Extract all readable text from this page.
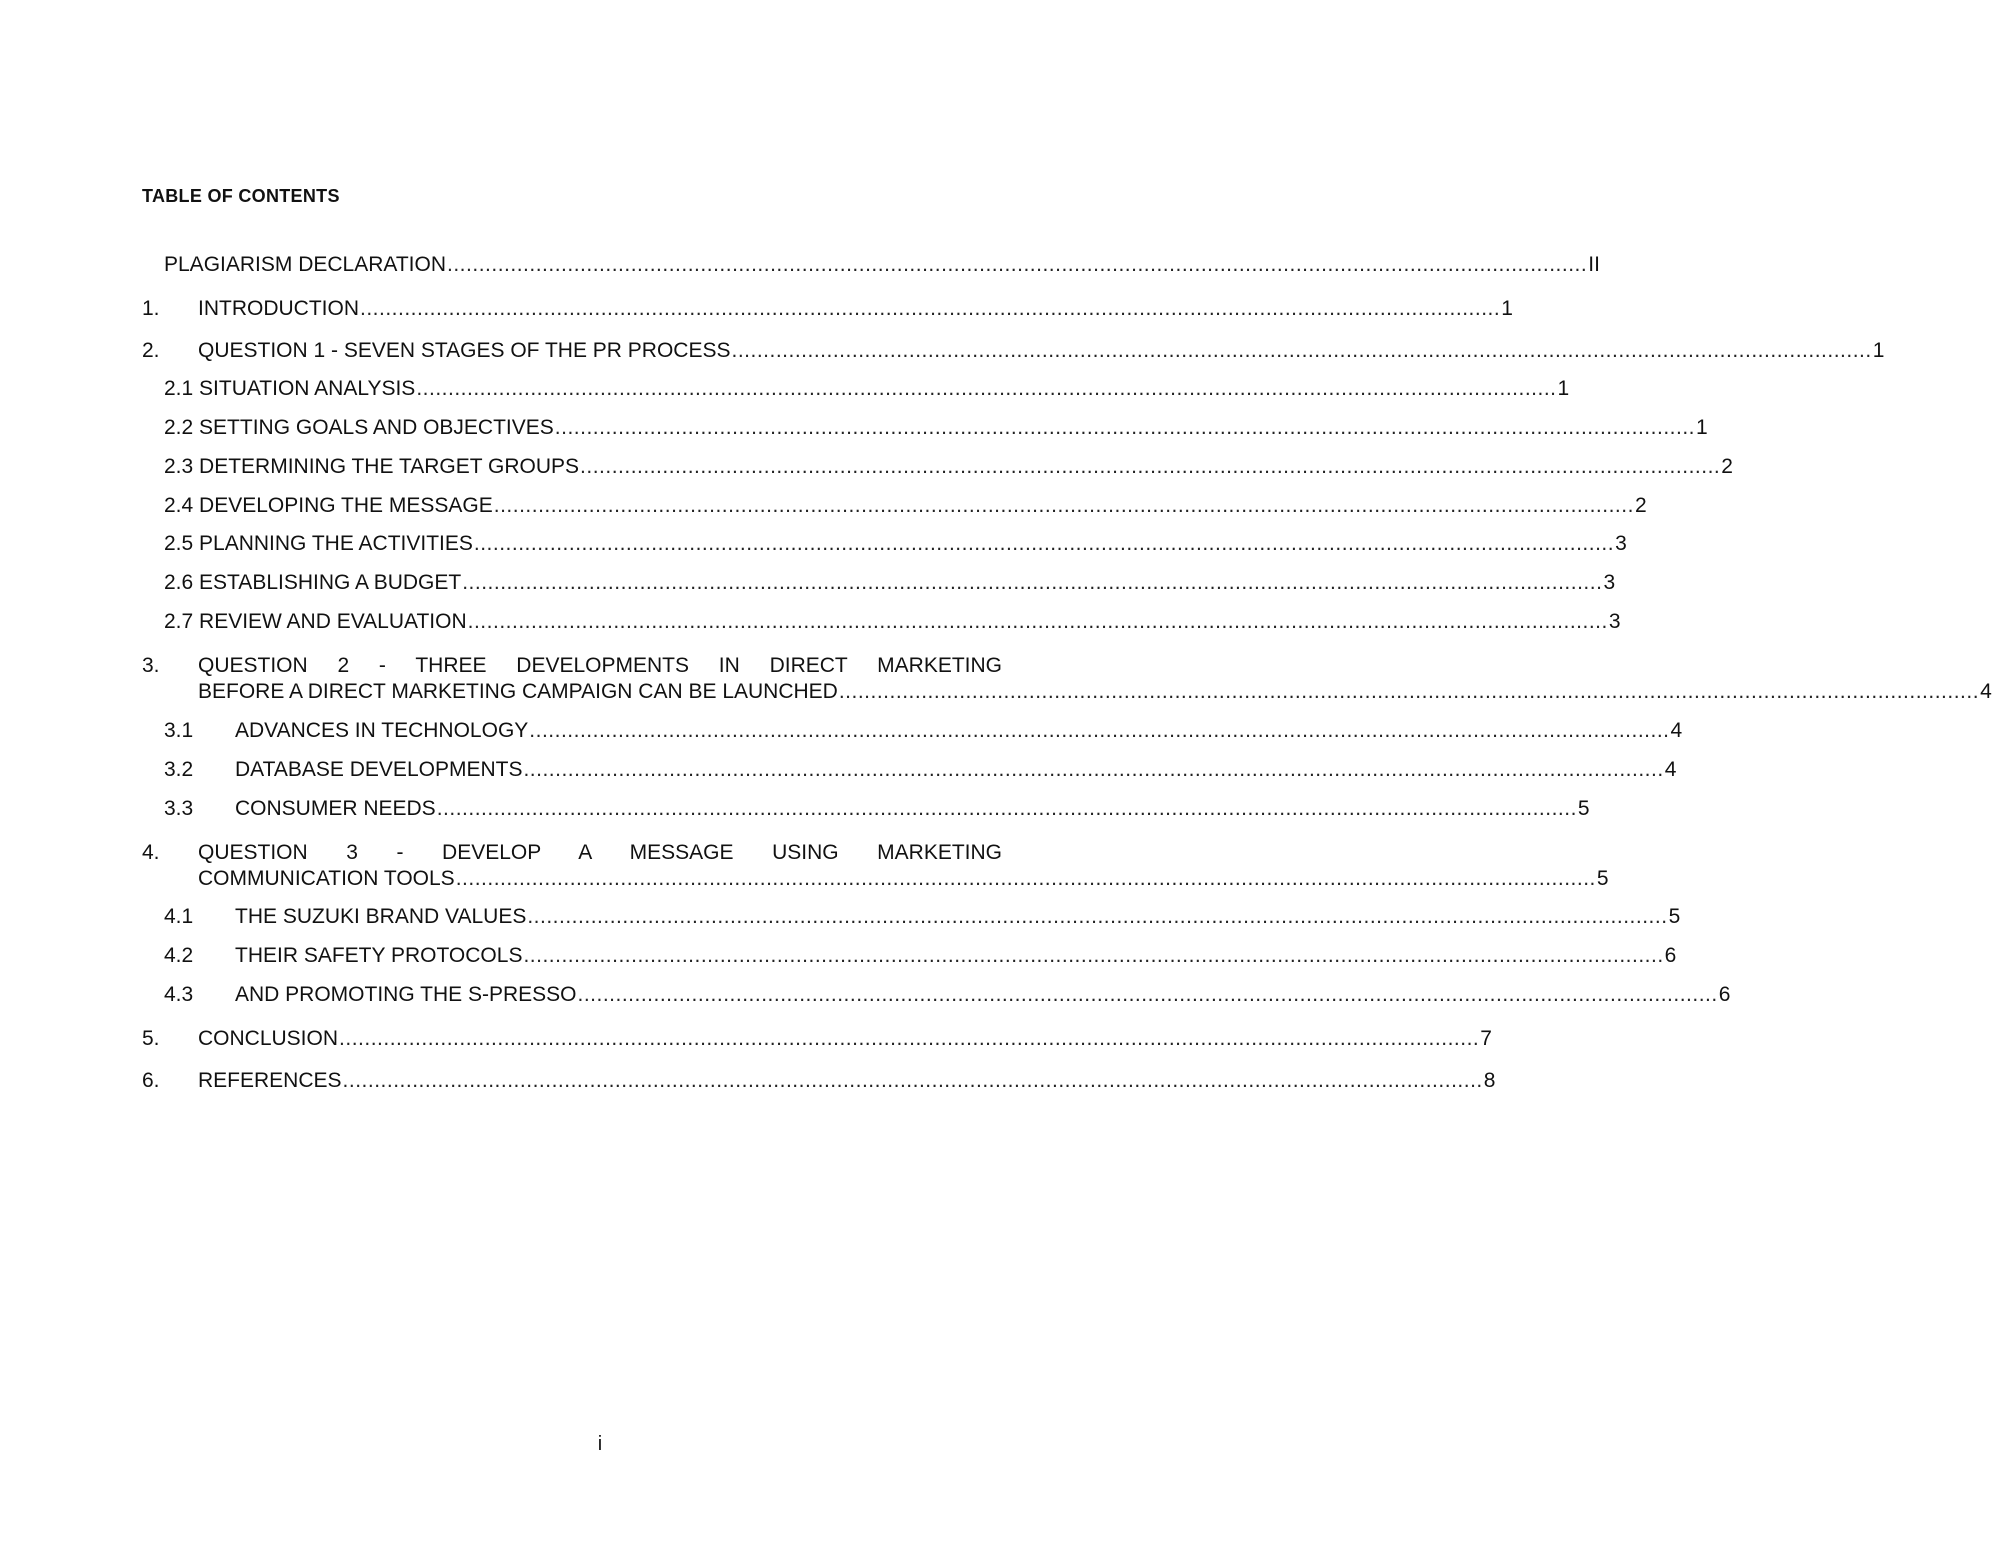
TABLE OF CONTENTS
PLAGIARISM DECLARATION .................................................................................................................................................................................... II
1.	INTRODUCTION .................................................................................................................................................................................... 1
2.	QUESTION 1 - SEVEN STAGES OF THE PR PROCESS .................................................................................................................................................................................... 1
2.1 SITUATION ANALYSIS .................................................................................................................................................................................... 1
2.2 SETTING GOALS AND OBJECTIVES .................................................................................................................................................................................... 1
2.3 DETERMINING THE TARGET GROUPS .................................................................................................................................................................................... 2
2.4 DEVELOPING THE MESSAGE .................................................................................................................................................................................... 2
2.5 PLANNING THE ACTIVITIES .................................................................................................................................................................................... 3
2.6 ESTABLISHING A BUDGET .................................................................................................................................................................................... 3
2.7 REVIEW AND EVALUATION .................................................................................................................................................................................... 3
3.	QUESTION 2 - THREE DEVELOPMENTS IN DIRECT MARKETING
BEFORE A DIRECT MARKETING CAMPAIGN CAN BE LAUNCHED .................................................................................................................................................................................... 4
3.1	ADVANCES IN TECHNOLOGY .................................................................................................................................................................................... 4
3.2	DATABASE DEVELOPMENTS .................................................................................................................................................................................... 4
3.3	CONSUMER NEEDS .................................................................................................................................................................................... 5
4.	QUESTION 3 - DEVELOP A MESSAGE USING MARKETING
COMMUNICATION TOOLS .................................................................................................................................................................................... 5
4.1	THE SUZUKI BRAND VALUES .................................................................................................................................................................................... 5
4.2	THEIR SAFETY PROTOCOLS .................................................................................................................................................................................... 6
4.3	AND PROMOTING THE S-PRESSO .................................................................................................................................................................................... 6
5.	CONCLUSION .................................................................................................................................................................................... 7
6.	REFERENCES .................................................................................................................................................................................... 8
i
